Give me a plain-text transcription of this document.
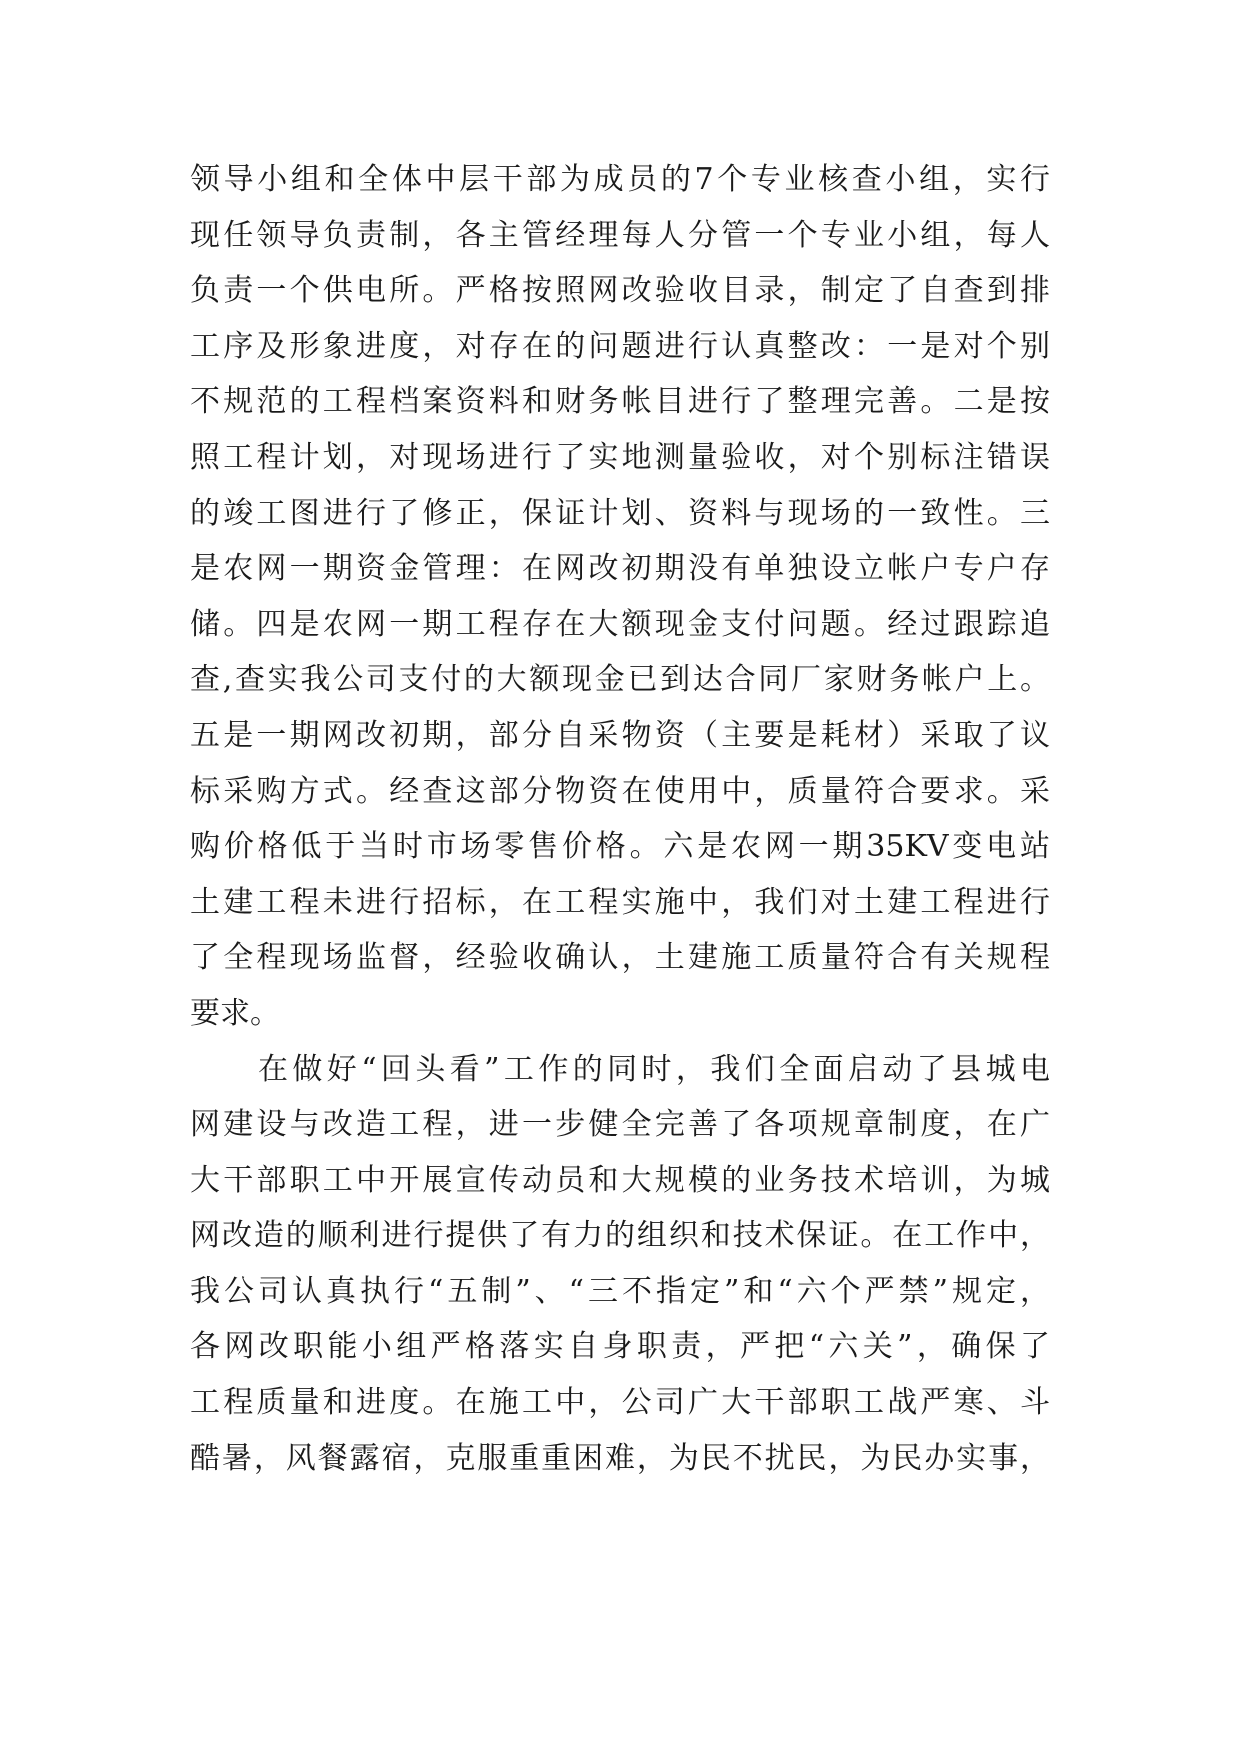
领导小组和全体中层干部为成员的7个专业核查小组，实行
现任领导负责制，各主管经理每人分管一个专业小组，每人
负责一个供电所。严格按照网改验收目录，制定了自查到排
工序及形象进度，对存在的问题进行认真整改：一是对个别
不规范的工程档案资料和财务帐目进行了整理完善。二是按
照工程计划，对现场进行了实地测量验收，对个别标注错误
的竣工图进行了修正，保证计划、资料与现场的一致性。三
是农网一期资金管理：在网改初期没有单独设立帐户专户存
储。四是农网一期工程存在大额现金支付问题。经过跟踪追
查,查实我公司支付的大额现金已到达合同厂家财务帐户上。
五是一期网改初期，部分自采物资（主要是耗材）采取了议
标采购方式。经查这部分物资在使用中，质量符合要求。采
购价格低于当时市场零售价格。六是农网一期35KV变电站
土建工程未进行招标，在工程实施中，我们对土建工程进行
了全程现场监督，经验收确认，土建施工质量符合有关规程
要求。
在做好“回头看”工作的同时，我们全面启动了县城电
网建设与改造工程，进一步健全完善了各项规章制度，在广
大干部职工中开展宣传动员和大规模的业务技术培训，为城
网改造的顺利进行提供了有力的组织和技术保证。在工作中，
我公司认真执行“五制”、“三不指定”和“六个严禁”规定，
各网改职能小组严格落实自身职责，严把“六关”，确保了
工程质量和进度。在施工中，公司广大干部职工战严寒、斗
酷暑，风餐露宿，克服重重困难，为民不扰民，为民办实事，
